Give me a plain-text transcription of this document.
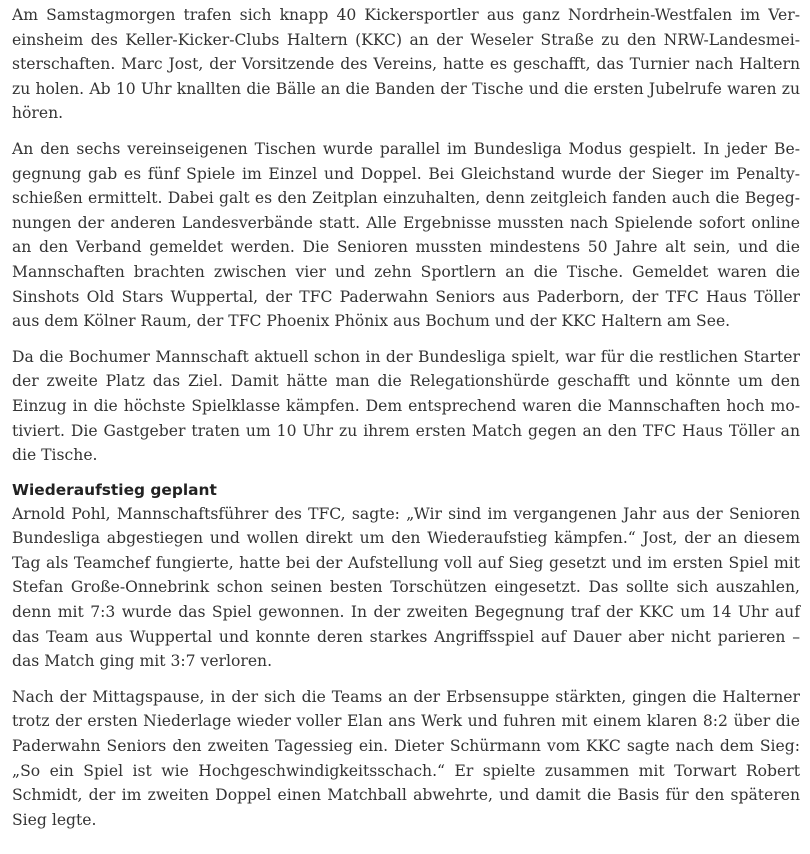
Am Samstagmorgen trafen sich knapp 40 Kickersportler aus ganz Nordrhein-Westfalen im Vereinsheim des Keller-Kicker-Clubs Haltern (KKC) an der Weseler Straße zu den NRW-Landesmeisterschaften. Marc Jost, der Vorsitzende des Vereins, hatte es geschafft, das Turnier nach Haltern zu holen. Ab 10 Uhr knallten die Bälle an die Banden der Tische und die ersten Jubelrufe waren zu hören.

An den sechs vereinseigenen Tischen wurde parallel im Bundesliga Modus gespielt. In jeder Begegnung gab es fünf Spiele im Einzel und Doppel. Bei Gleichstand wurde der Sieger im Penaltyschießen ermittelt. Dabei galt es den Zeitplan einzuhalten, denn zeitgleich fanden auch die Begegnungen der anderen Landesverbände statt. Alle Ergebnisse mussten nach Spielende sofort online an den Verband gemeldet werden. Die Senioren mussten mindestens 50 Jahre alt sein, und die Mannschaften brachten zwischen vier und zehn Sportlern an die Tische. Gemeldet waren die Sinshots Old Stars Wuppertal, der TFC Paderwahn Seniors aus Paderborn, der TFC Haus Töller aus dem Kölner Raum, der TFC Phoenix Phönix aus Bochum und der KKC Haltern am See.

Da die Bochumer Mannschaft aktuell schon in der Bundesliga spielt, war für die restlichen Starter der zweite Platz das Ziel. Damit hätte man die Relegationshürde geschafft und könnte um den Einzug in die höchste Spielklasse kämpfen. Dem entsprechend waren die Mannschaften hoch motiviert. Die Gastgeber traten um 10 Uhr zu ihrem ersten Match gegen an den TFC Haus Töller an die Tische.

Wiederaufstieg geplant

Arnold Pohl, Mannschaftsführer des TFC, sagte: „Wir sind im vergangenen Jahr aus der Senioren Bundesliga abgestiegen und wollen direkt um den Wiederaufstieg kämpfen.“ Jost, der an diesem Tag als Teamchef fungierte, hatte bei der Aufstellung voll auf Sieg gesetzt und im ersten Spiel mit Stefan Große-Onnebrink schon seinen besten Torschützen eingesetzt. Das sollte sich auszahlen, denn mit 7:3 wurde das Spiel gewonnen. In der zweiten Begegnung traf der KKC um 14 Uhr auf das Team aus Wuppertal und konnte deren starkes Angriffsspiel auf Dauer aber nicht parieren – das Match ging mit 3:7 verloren.

Nach der Mittagspause, in der sich die Teams an der Erbsensuppe stärkten, gingen die Halterner trotz der ersten Niederlage wieder voller Elan ans Werk und fuhren mit einem klaren 8:2 über die Paderwahn Seniors den zweiten Tagessieg ein. Dieter Schürmann vom KKC sagte nach dem Sieg: „So ein Spiel ist wie Hochgeschwindigkeitsschach.“ Er spielte zusammen mit Torwart Robert Schmidt, der im zweiten Doppel einen Matchball abwehrte, und damit die Basis für den späteren Sieg legte.
